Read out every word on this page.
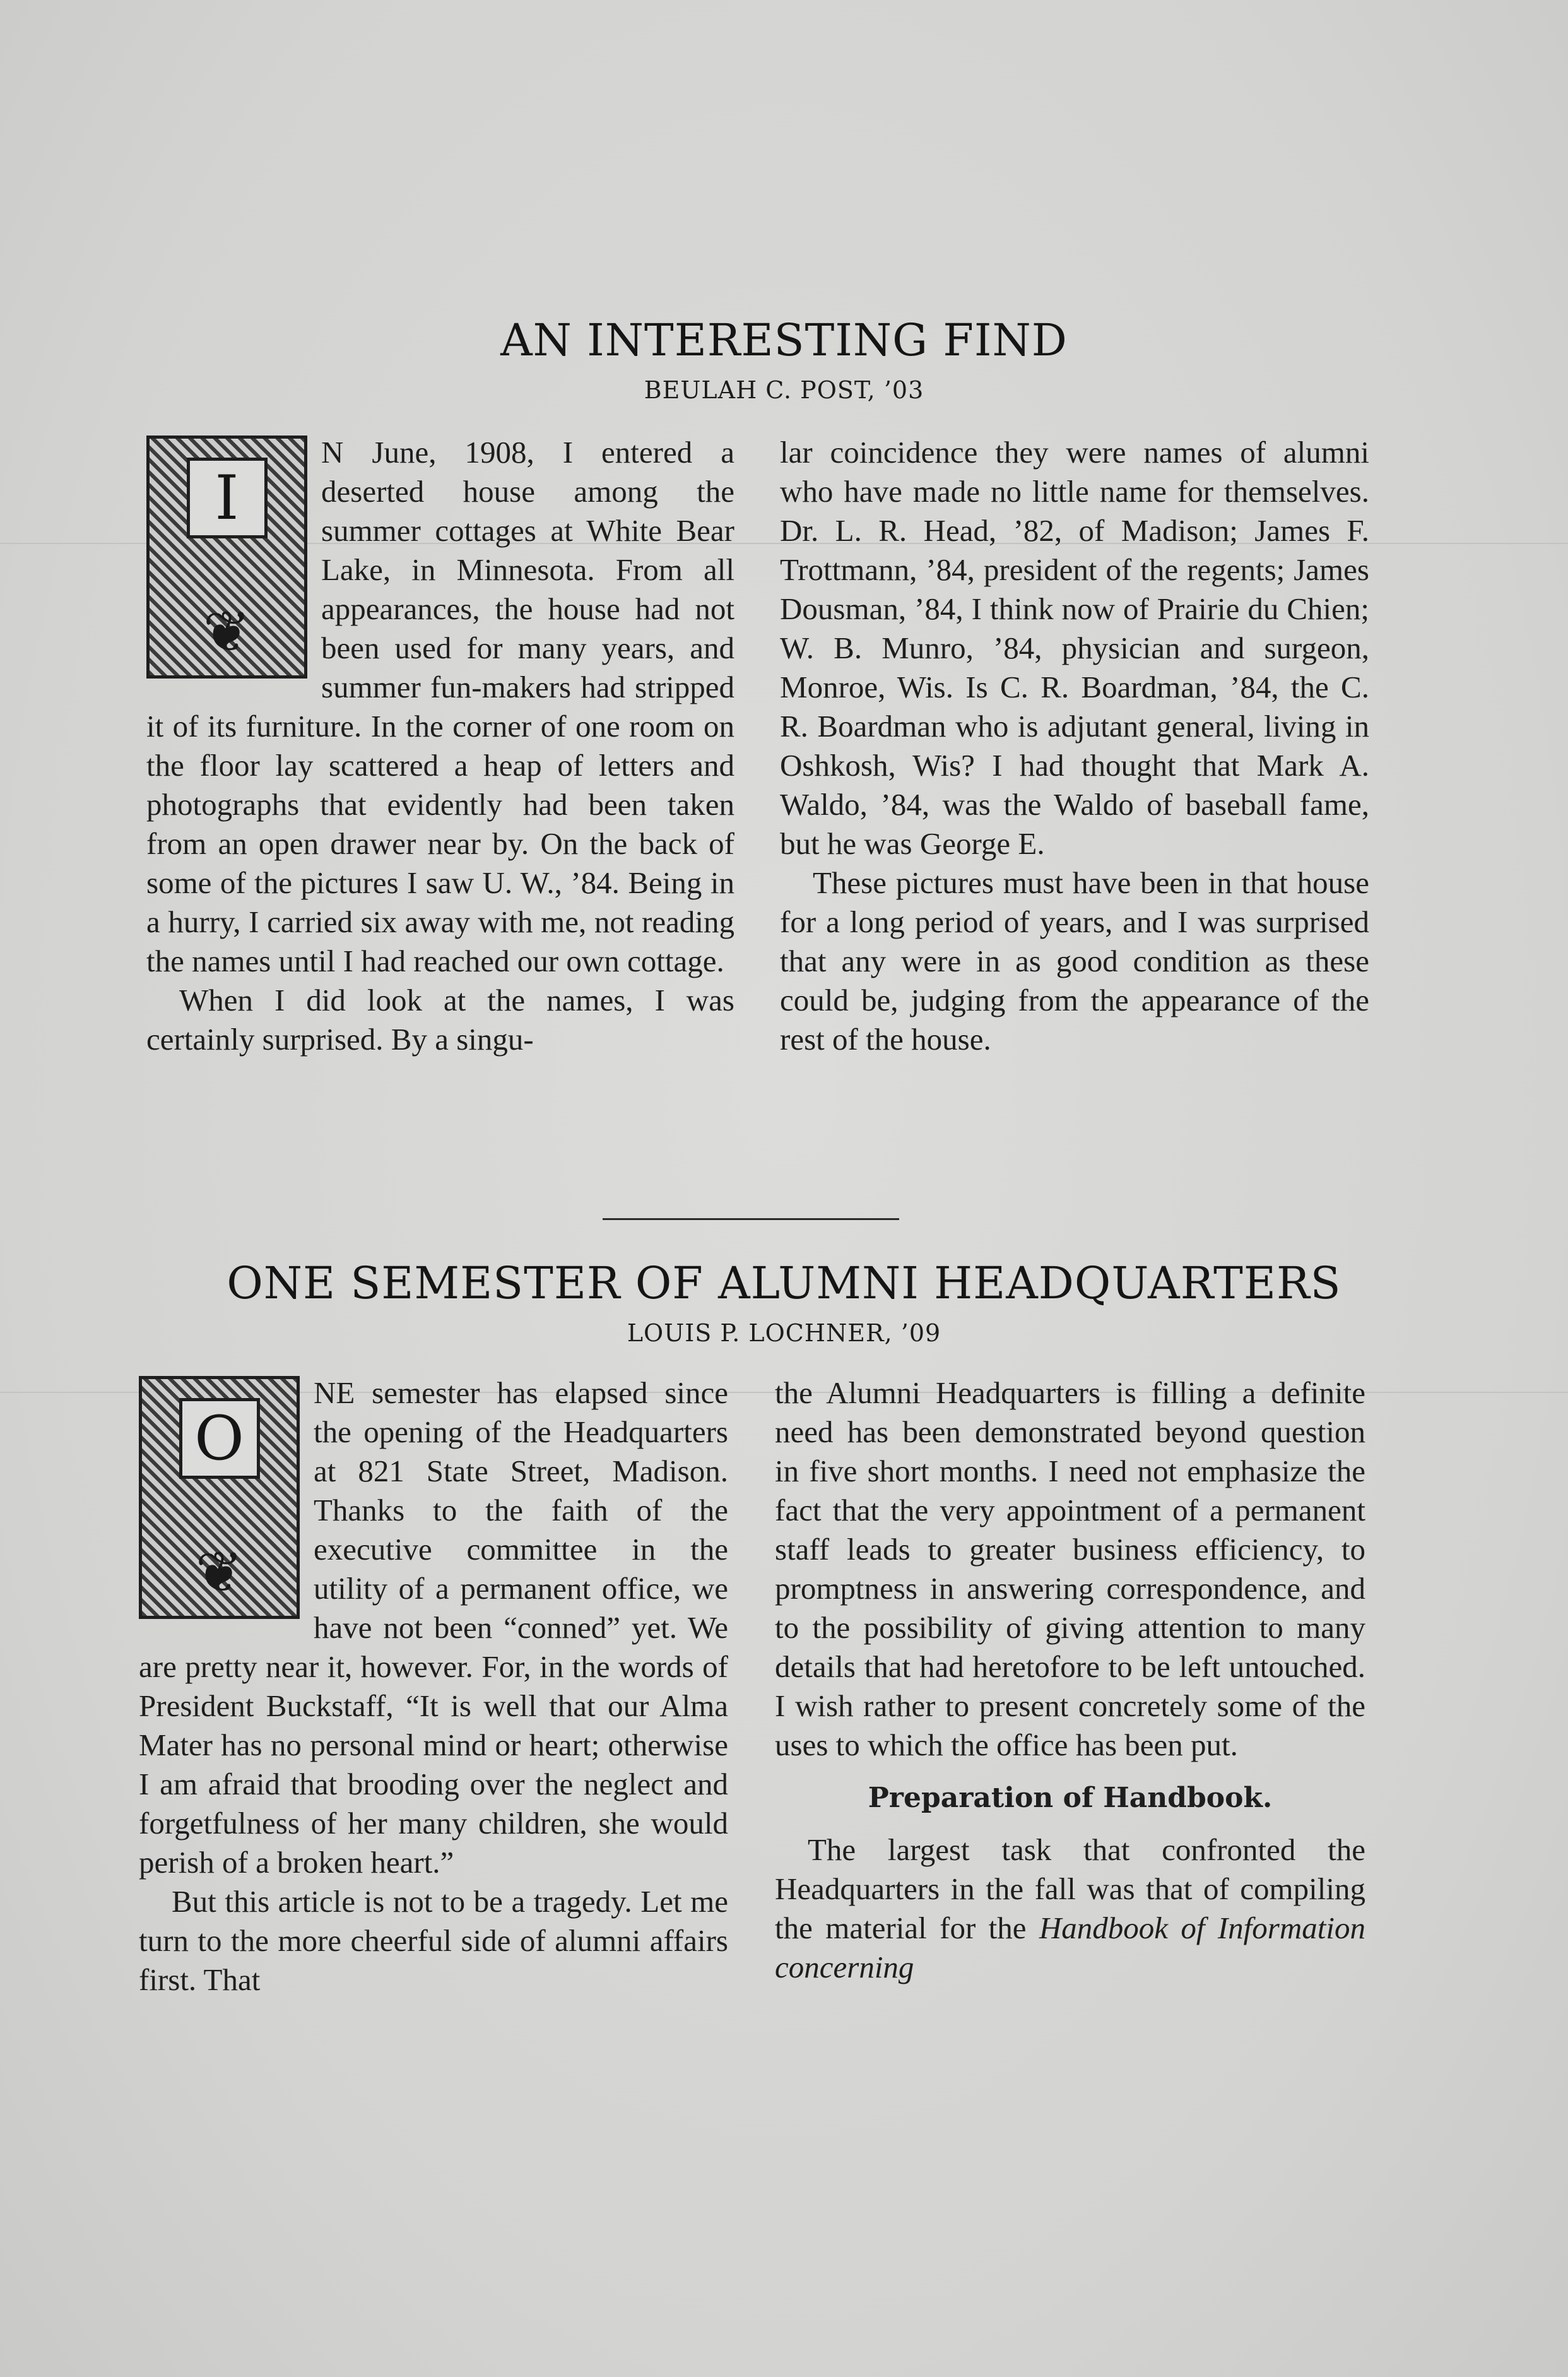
AN INTERESTING FIND
BEULAH C. POST, ’03
I
❦

N June, 1908, I entered a deserted house among the summer cottages at White Bear Lake, in Minnesota. From all appearances, the house had not been used for many years, and summer fun-makers had stripped it of its furniture. In the corner of one room on the floor lay scattered a heap of letters and photographs that evidently had been taken from an open drawer near by. On the back of some of the pictures I saw U. W., ’84. Being in a hurry, I carried six away with me, not reading the names until I had reached our own cottage.

When I did look at the names, I was certainly surprised. By a singu-

lar coincidence they were names of alumni who have made no little name for themselves. Dr. L. R. Head, ’82, of Madison; James F. Trottmann, ’84, president of the regents; James Dousman, ’84, I think now of Prairie du Chien; W. B. Munro, ’84, physician and surgeon, Monroe, Wis. Is C. R. Boardman, ’84, the C. R. Boardman who is adjutant general, living in Oshkosh, Wis? I had thought that Mark A. Waldo, ’84, was the Waldo of baseball fame, but he was George E.

These pictures must have been in that house for a long period of years, and I was surprised that any were in as good condition as these could be, judging from the appearance of the rest of the house.

ONE SEMESTER OF ALUMNI HEADQUARTERS
LOUIS P. LOCHNER, ’09
O
❦

NE semester has elapsed since the opening of the Headquarters at 821 State Street, Madison. Thanks to the faith of the executive committee in the utility of a permanent office, we have not been “conned” yet. We are pretty near it, however. For, in the words of President Buckstaff, “It is well that our Alma Mater has no personal mind or heart; otherwise I am afraid that brooding over the neglect and forgetfulness of her many children, she would perish of a broken heart.”

But this article is not to be a tragedy. Let me turn to the more cheerful side of alumni affairs first. That

the Alumni Headquarters is filling a definite need has been demonstrated beyond question in five short months. I need not emphasize the fact that the very appointment of a permanent staff leads to greater business efficiency, to promptness in answering correspondence, and to the possibility of giving attention to many details that had heretofore to be left untouched. I wish rather to present concretely some of the uses to which the office has been put.

Preparation of Handbook.

The largest task that confronted the Headquarters in the fall was that of compiling the material for the Handbook of Information concerning
